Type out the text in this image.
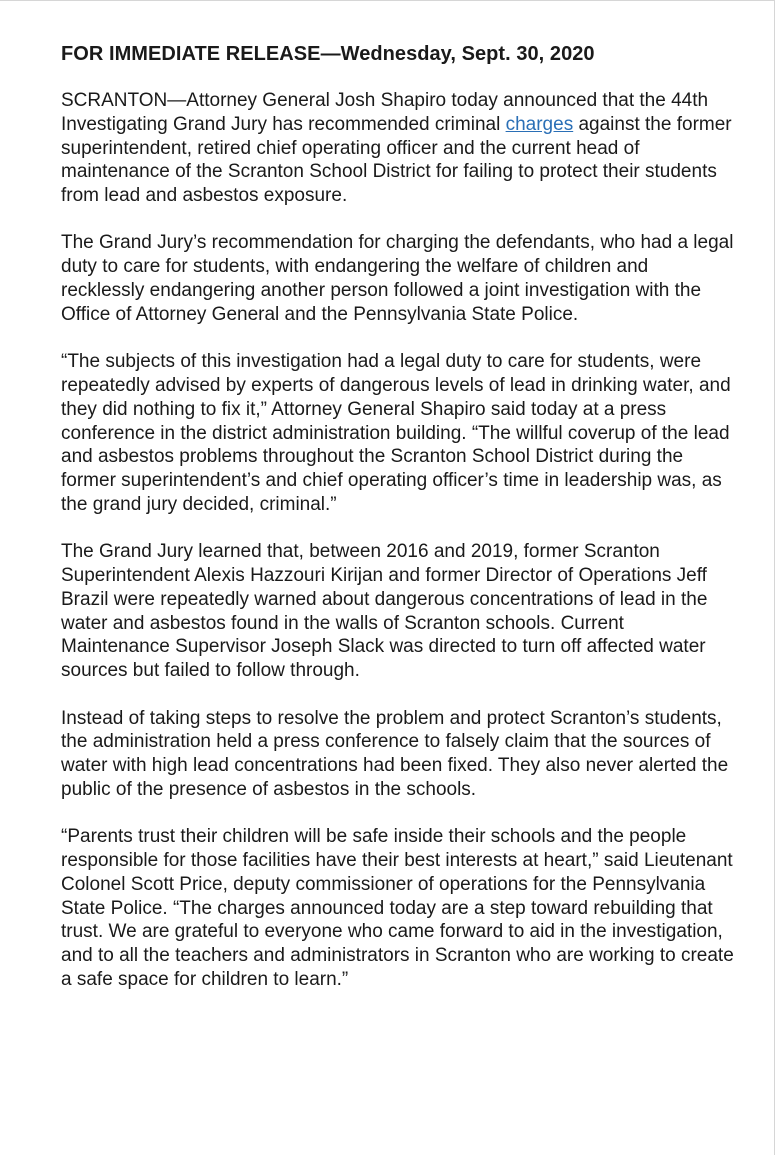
FOR IMMEDIATE RELEASE—Wednesday, Sept. 30, 2020
SCRANTON—Attorney General Josh Shapiro today announced that the 44th Investigating Grand Jury has recommended criminal charges against the former superintendent, retired chief operating officer and the current head of maintenance of the Scranton School District for failing to protect their students from lead and asbestos exposure.
The Grand Jury’s recommendation for charging the defendants, who had a legal duty to care for students, with endangering the welfare of children and recklessly endangering another person followed a joint investigation with the Office of Attorney General and the Pennsylvania State Police.
“The subjects of this investigation had a legal duty to care for students, were repeatedly advised by experts of dangerous levels of lead in drinking water, and they did nothing to fix it,” Attorney General Shapiro said today at a press conference in the district administration building. “The willful coverup of the lead and asbestos problems throughout the Scranton School District during the former superintendent’s and chief operating officer’s time in leadership was, as the grand jury decided, criminal.”
The Grand Jury learned that, between 2016 and 2019, former Scranton Superintendent Alexis Hazzouri Kirijan and former Director of Operations Jeff Brazil were repeatedly warned about dangerous concentrations of lead in the water and asbestos found in the walls of Scranton schools. Current Maintenance Supervisor Joseph Slack was directed to turn off affected water sources but failed to follow through.
Instead of taking steps to resolve the problem and protect Scranton’s students, the administration held a press conference to falsely claim that the sources of water with high lead concentrations had been fixed. They also never alerted the public of the presence of asbestos in the schools.
“Parents trust their children will be safe inside their schools and the people responsible for those facilities have their best interests at heart,” said Lieutenant Colonel Scott Price, deputy commissioner of operations for the Pennsylvania State Police. “The charges announced today are a step toward rebuilding that trust. We are grateful to everyone who came forward to aid in the investigation, and to all the teachers and administrators in Scranton who are working to create a safe space for children to learn.”
